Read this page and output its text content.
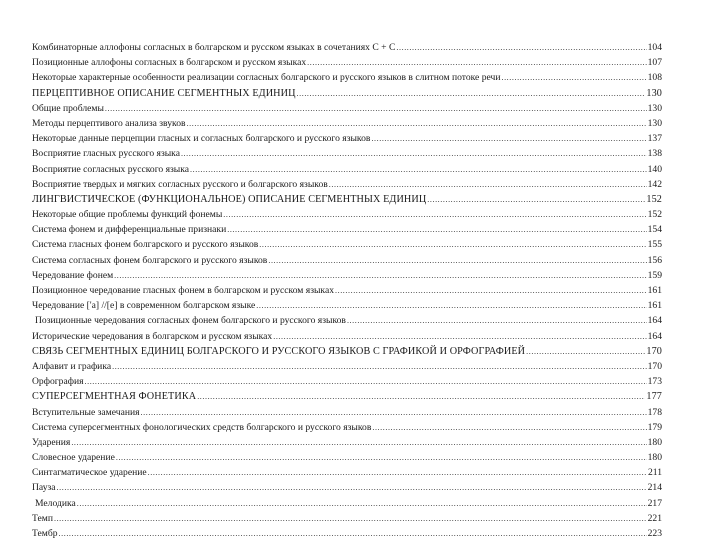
Комбинаторные аллофоны согласных в болгарском и русском языках в сочетаниях С + С .....	104
Позиционные аллофоны согласных в болгарском и русском языках .....	107
Некоторые характерные особенности реализации согласных болгарского и русского языков в слитном потоке речи .....	108
ПЕРЦЕПТИВНОЕ ОПИСАНИЕ СЕГМЕНТНЫХ ЕДИНИЦ .....	130
Общие проблемы .....	130
Методы перцептивого анализа звуков .....	130
Некоторые данные перцепции гласных и согласных болгарского и русского языков .....	137
Восприятие гласных русского языка .....	138
Восприятие согласных русского языка .....	140
Восприятие твердых и мягких согласных русского и болгарского языков .....	142
ЛИНГВИСТИЧЕСКОЕ (ФУНКЦИОНАЛЬНОЕ) ОПИСАНИЕ СЕГМЕНТНЫХ ЕДИНИЦ .....	152
Некоторые общие проблемы функций фонемы .....	152
Система фонем и дифференциальные признаки .....	154
Система гласных фонем болгарского и русского языков .....	155
Система согласных фонем болгарского и русского языков .....	156
Чередование фонем .....	159
Позиционное чередование гласных фонем в болгарском и русском языках .....	161
Чередование ['a] //[e] в современном болгарском языке .....	161
Позиционные чередования согласных фонем болгарского и русского языков .....	164
Исторические чередования в болгарском и русском языках .....	164
СВЯЗЬ СЕГМЕНТНЫХ ЕДИНИЦ БОЛГАРСКОГО И РУССКОГО ЯЗЫКОВ С ГРАФИКОЙ И ОРФОГРАФИЕЙ .....	170
Алфавит и графика .....	170
Орфография .....	173
СУПЕРСЕГМЕНТНАЯ ФОНЕТИКА .....	177
Вступительные замечания .....	178
Система суперсегментных фонологических средств болгарского и русского языков .....	179
Ударения .....	180
Словесное ударение .....	180
Синтагматическое ударение .....	211
Пауза .....	214
Мелодика .....	217
Темп .....	221
Тембр .....	223
